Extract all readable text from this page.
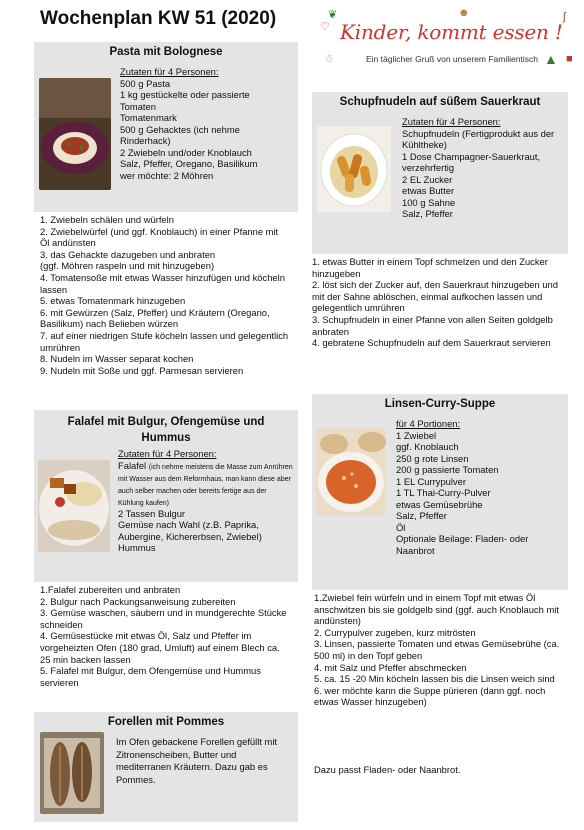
Wochenplan KW 51 (2020)	♡
❦	☻	ʃ
☃	▲ ■
Kinder, kommt essen !
Ein täglicher Gruß von unserem Familientisch
Pasta mit Bolognese
Zutaten für 4 Personen:
500 g Pasta
1 kg gestückelte oder passierte
Tomaten
Tomatenmark
500 g Gehacktes (ich nehme
Rinderhack)
2 Zwiebeln und/oder Knoblauch
Salz, Pfeffer, Oregano, Basilikum
wer möchte: 2 Möhren

1. Zwiebeln schälen und würfeln

2. Zwiebelwürfel (und ggf. Knoblauch) in einer Pfanne mit Öl andünsten

3. das Gehackte dazugeben und anbraten

(ggf. Möhren raspeln und mit hinzugeben)

4. Tomatensoße mit etwas Wasser hinzufügen und köcheln lassen

5. etwas Tomatenmark hinzugeben

6. mit Gewürzen (Salz, Pfeffer) und Kräutern (Oregano, Basilikum) nach Belieben würzen

7. auf einer niedrigen Stufe köcheln lassen und gelegentlich umrühren

8. Nudeln im Wasser separat kochen

9. Nudeln mit Soße und ggf. Parmesan servieren

Falafel mit Bulgur, Ofengemüse und
Hummus
Zutaten für 4 Personen:
Falafel (ich nehme meistens die Masse zum Anrühren mit Wasser aus dem Reformhaus, man kann diese aber auch selber machen oder bereits fertige aus der Kühlung kaufen)
2 Tassen Bulgur
Gemüse nach Wahl (z.B. Paprika, Aubergine, Kichererbsen, Zwiebel)
Hummus

1.Falafel zubereiten und anbraten

2. Bulgur nach Packungsanweisung zubereiten

3. Gemüse waschen, säubern und in mundgerechte Stücke schneiden

4. Gemüsestücke mit etwas Öl, Salz und Pfeffer im vorgeheizten Ofen (180 grad, Umluft) auf einem Blech ca. 25 min backen lassen

5. Falafel mit Bulgur, dem Ofengemüse und Hummus servieren

Forellen mit Pommes
Im Ofen gebackene Forellen gefüllt mit Zitronenscheiben, Butter und mediterranen Kräutern. Dazu gab es Pommes.
Schupfnudeln auf süßem Sauerkraut
Zutaten für 4 Personen:
Schupfnudeln (Fertigprodukt aus der Kühltheke)
1 Dose Champagner-Sauerkraut, verzehrfertig
2 EL Zucker
etwas Butter
100 g Sahne
Salz, Pfeffer

1. etwas Butter in einem Topf schmelzen und den Zucker hinzugeben

2. löst sich der Zucker auf, den Sauerkraut hinzugeben und mit der Sahne ablöschen, einmal aufkochen lassen und gelegentlich umrühren

3. Schupfnudeln in einer Pfanne von allen Seiten goldgelb anbraten

4. gebratene Schupfnudeln auf dem Sauerkraut servieren

Linsen-Curry-Suppe
für 4 Portionen:
1 Zwiebel
ggf. Knoblauch
250 g rote Linsen
200 g passierte Tomaten
1 EL Currypulver
1 TL Thai-Curry-Pulver
etwas Gemüsebrühe
Salz, Pfeffer
Öl
Optionale Beilage: Fladen- oder
Naanbrot

1.Zwiebel fein würfeln und in einem Topf mit etwas Öl anschwitzen bis sie goldgelb sind (ggf. auch Knoblauch mit andünsten)

2. Currypulver zugeben, kurz mitrösten

3. Linsen, passierte Tomaten und etwas Gemüsebrühe (ca. 500 ml) in den Topf geben

4. mit Salz und Pfeffer abschmecken

5. ca. 15 -20 Min köcheln lassen bis die Linsen weich sind

6. wer möchte kann die Suppe pürieren (dann ggf. noch etwas Wasser hinzugeben)

Dazu passt Fladen- oder Naanbrot.
